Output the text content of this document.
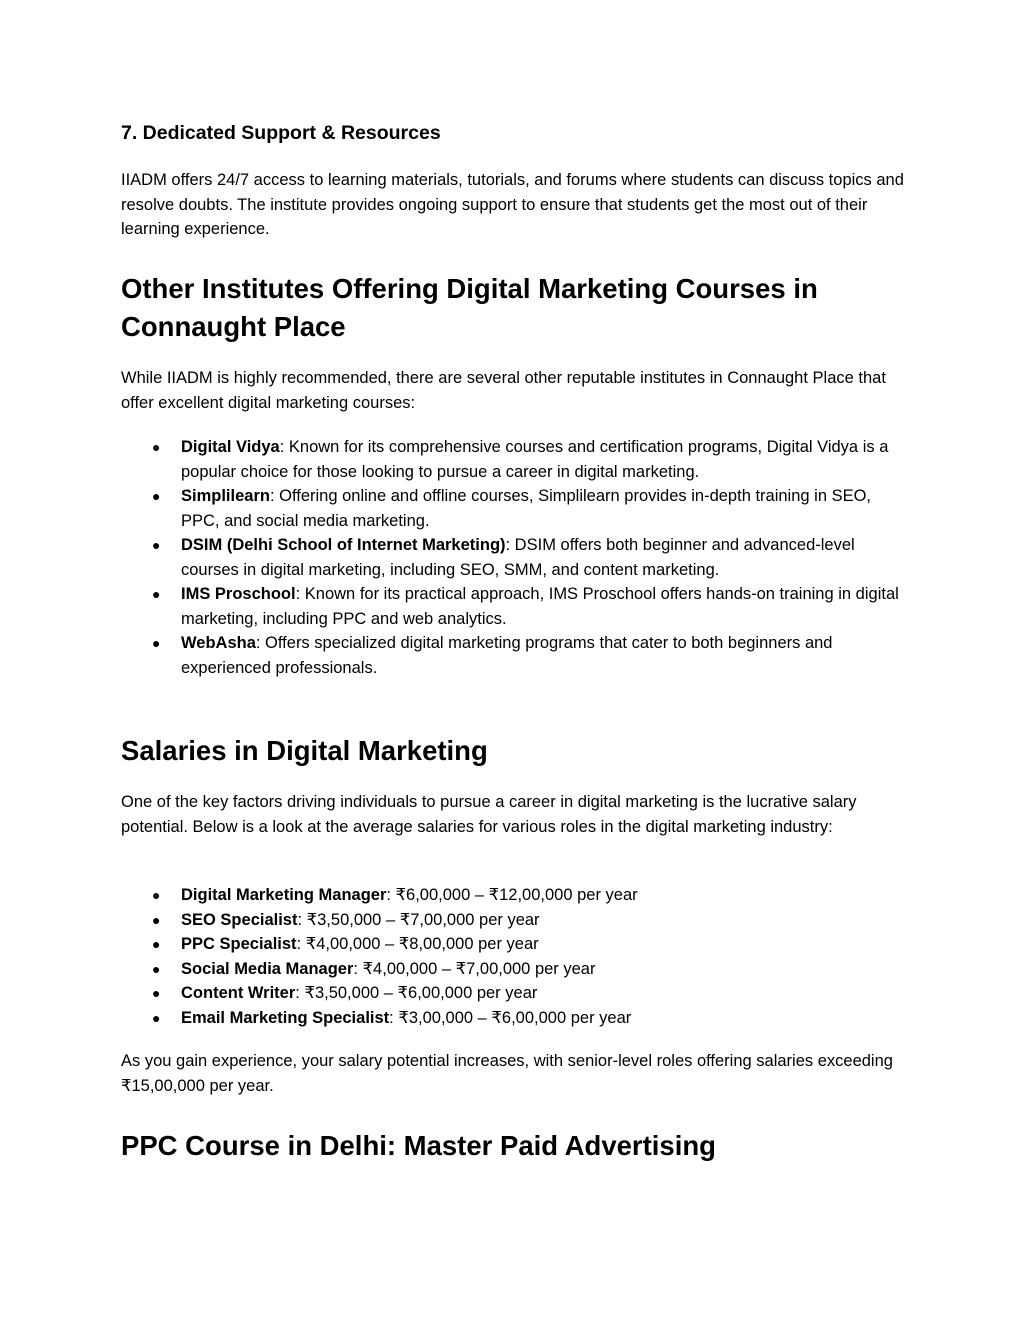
7. Dedicated Support & Resources

IIADM offers 24/7 access to learning materials, tutorials, and forums where students can discuss topics and resolve doubts. The institute provides ongoing support to ensure that students get the most out of their learning experience.

Other Institutes Offering Digital Marketing Courses in Connaught Place

While IIADM is highly recommended, there are several other reputable institutes in Connaught Place that offer excellent digital marketing courses:

● Digital Vidya: Known for its comprehensive courses and certification programs, Digital Vidya is a popular choice for those looking to pursue a career in digital marketing.
● Simplilearn: Offering online and offline courses, Simplilearn provides in-depth training in SEO, PPC, and social media marketing.
● DSIM (Delhi School of Internet Marketing): DSIM offers both beginner and advanced-level courses in digital marketing, including SEO, SMM, and content marketing.
● IMS Proschool: Known for its practical approach, IMS Proschool offers hands-on training in digital marketing, including PPC and web analytics.
● WebAsha: Offers specialized digital marketing programs that cater to both beginners and experienced professionals.
Salaries in Digital Marketing

One of the key factors driving individuals to pursue a career in digital marketing is the lucrative salary potential. Below is a look at the average salaries for various roles in the digital marketing industry:

● Digital Marketing Manager: ₹6,00,000 – ₹12,00,000 per year
● SEO Specialist: ₹3,50,000 – ₹7,00,000 per year
● PPC Specialist: ₹4,00,000 – ₹8,00,000 per year
● Social Media Manager: ₹4,00,000 – ₹7,00,000 per year
● Content Writer: ₹3,50,000 – ₹6,00,000 per year
● Email Marketing Specialist: ₹3,00,000 – ₹6,00,000 per year

As you gain experience, your salary potential increases, with senior-level roles offering salaries exceeding ₹15,00,000 per year.

PPC Course in Delhi: Master Paid Advertising
